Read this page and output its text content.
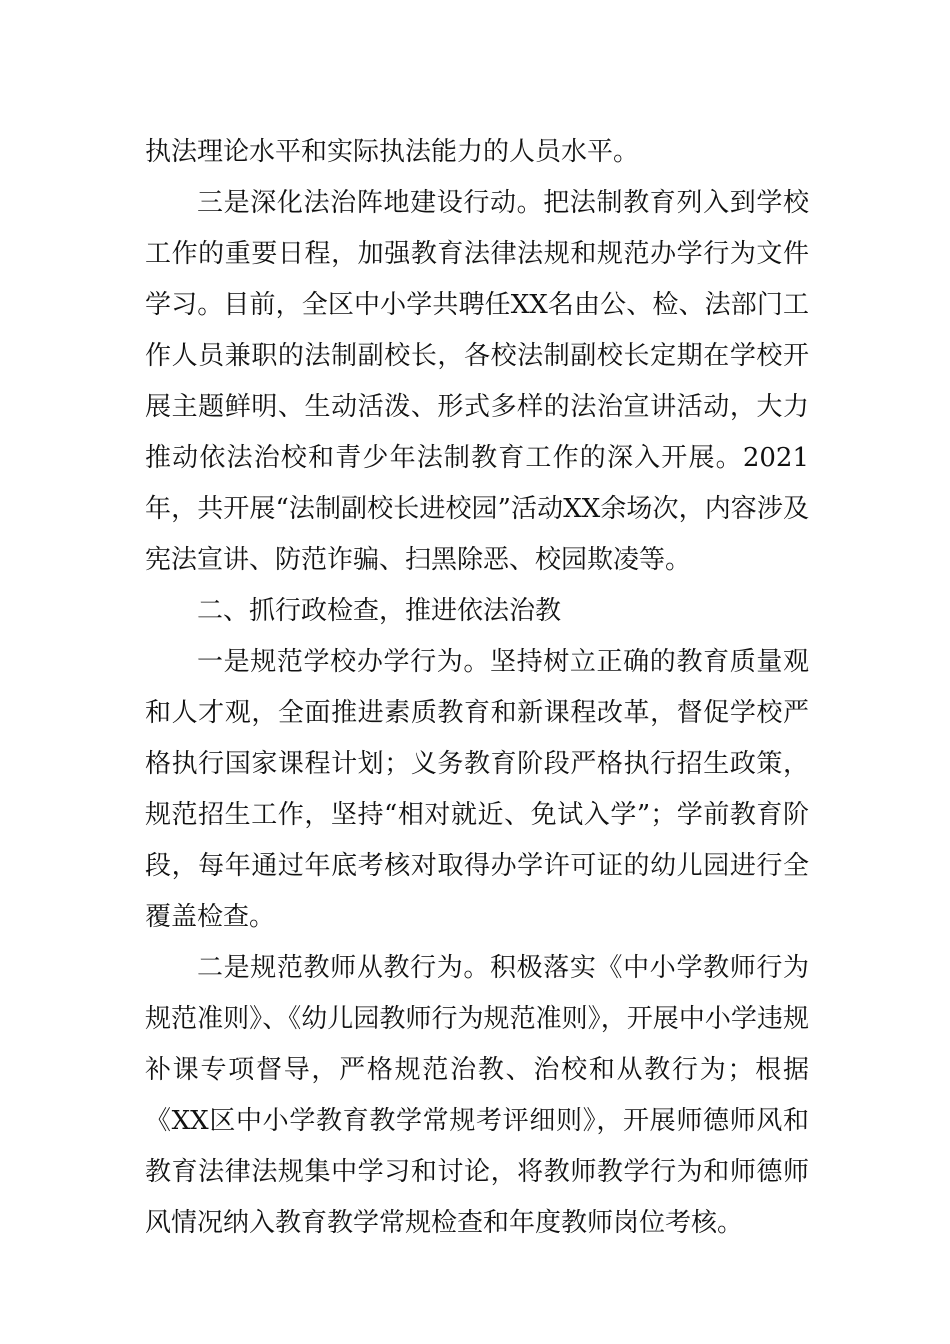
执法理论水平和实际执法能力的人员水平。

三是深化法治阵地建设行动。把法制教育列入到学校工作的重要日程，加强教育法律法规和规范办学行为文件学习。目前，全区中小学共聘任XX名由公、检、法部门工作人员兼职的法制副校长，各校法制副校长定期在学校开展主题鲜明、生动活泼、形式多样的法治宣讲活动，大力推动依法治校和青少年法制教育工作的深入开展。2021年，共开展“法制副校长进校园”活动XX余场次，内容涉及宪法宣讲、防范诈骗、扫黑除恶、校园欺凌等。

二、抓行政检查，推进依法治教

一是规范学校办学行为。坚持树立正确的教育质量观和人才观，全面推进素质教育和新课程改革，督促学校严格执行国家课程计划；义务教育阶段严格执行招生政策，规范招生工作，坚持“相对就近、免试入学”；学前教育阶段，每年通过年底考核对取得办学许可证的幼儿园进行全覆盖检查。

二是规范教师从教行为。积极落实《中小学教师行为规范准则》、《幼儿园教师行为规范准则》，开展中小学违规补课专项督导，严格规范治教、治校和从教行为；根据《XX区中小学教育教学常规考评细则》，开展师德师风和教育法律法规集中学习和讨论，将教师教学行为和师德师风情况纳入教育教学常规检查和年度教师岗位考核。
